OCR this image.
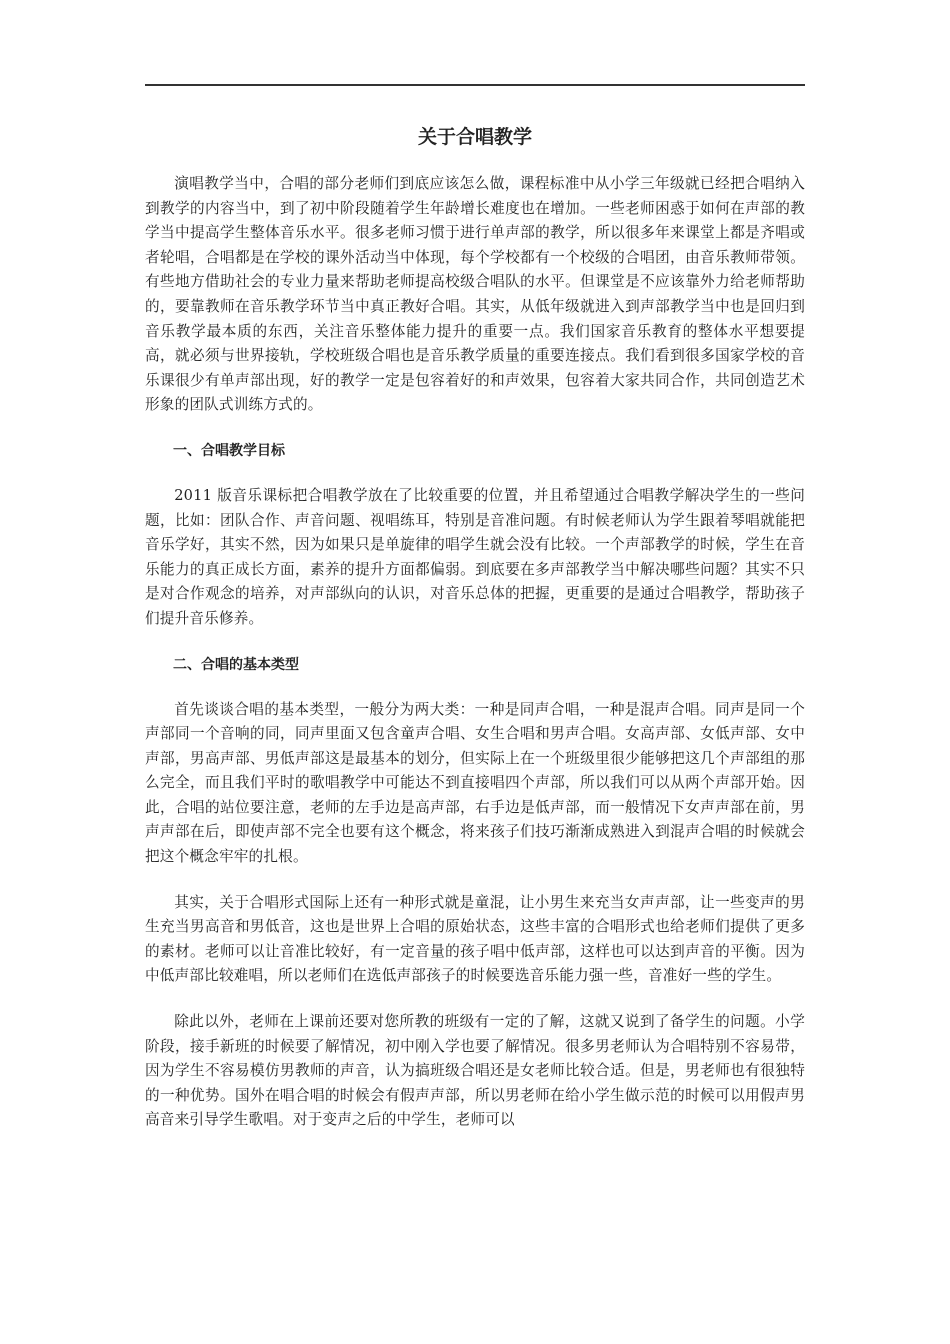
关于合唱教学

演唱教学当中，合唱的部分老师们到底应该怎么做，课程标准中从小学三年级就已经把合唱纳入到教学的内容当中，到了初中阶段随着学生年龄增长难度也在增加。一些老师困惑于如何在声部的教学当中提高学生整体音乐水平。很多老师习惯于进行单声部的教学，所以很多年来课堂上都是齐唱或者轮唱，合唱都是在学校的课外活动当中体现，每个学校都有一个校级的合唱团，由音乐教师带领。有些地方借助社会的专业力量来帮助老师提高校级合唱队的水平。但课堂是不应该靠外力给老师帮助的，要靠教师在音乐教学环节当中真正教好合唱。其实，从低年级就进入到声部教学当中也是回归到音乐教学最本质的东西，关注音乐整体能力提升的重要一点。我们国家音乐教育的整体水平想要提高，就必须与世界接轨，学校班级合唱也是音乐教学质量的重要连接点。我们看到很多国家学校的音乐课很少有单声部出现，好的教学一定是包容着好的和声效果，包容着大家共同合作，共同创造艺术形象的团队式训练方式的。

一、合唱教学目标

2011 版音乐课标把合唱教学放在了比较重要的位置，并且希望通过合唱教学解决学生的一些问题，比如：团队合作、声音问题、视唱练耳，特别是音准问题。有时候老师认为学生跟着琴唱就能把音乐学好，其实不然，因为如果只是单旋律的唱学生就会没有比较。一个声部教学的时候，学生在音乐能力的真正成长方面，素养的提升方面都偏弱。到底要在多声部教学当中解决哪些问题？其实不只是对合作观念的培养，对声部纵向的认识，对音乐总体的把握，更重要的是通过合唱教学，帮助孩子们提升音乐修养。

二、合唱的基本类型

首先谈谈合唱的基本类型，一般分为两大类：一种是同声合唱，一种是混声合唱。同声是同一个声部同一个音响的同，同声里面又包含童声合唱、女生合唱和男声合唱。女高声部、女低声部、女中声部，男高声部、男低声部这是最基本的划分，但实际上在一个班级里很少能够把这几个声部组的那么完全，而且我们平时的歌唱教学中可能达不到直接唱四个声部，所以我们可以从两个声部开始。因此，合唱的站位要注意，老师的左手边是高声部，右手边是低声部，而一般情况下女声声部在前，男声声部在后，即使声部不完全也要有这个概念，将来孩子们技巧渐渐成熟进入到混声合唱的时候就会把这个概念牢牢的扎根。

其实，关于合唱形式国际上还有一种形式就是童混，让小男生来充当女声声部，让一些变声的男生充当男高音和男低音，这也是世界上合唱的原始状态，这些丰富的合唱形式也给老师们提供了更多的素材。老师可以让音准比较好，有一定音量的孩子唱中低声部，这样也可以达到声音的平衡。因为中低声部比较难唱，所以老师们在选低声部孩子的时候要选音乐能力强一些，音准好一些的学生。

除此以外，老师在上课前还要对您所教的班级有一定的了解，这就又说到了备学生的问题。小学阶段，接手新班的时候要了解情况，初中刚入学也要了解情况。很多男老师认为合唱特别不容易带，因为学生不容易模仿男教师的声音，认为搞班级合唱还是女老师比较合适。但是，男老师也有很独特的一种优势。国外在唱合唱的时候会有假声声部，所以男老师在给小学生做示范的时候可以用假声男高音来引导学生歌唱。对于变声之后的中学生，老师可以
